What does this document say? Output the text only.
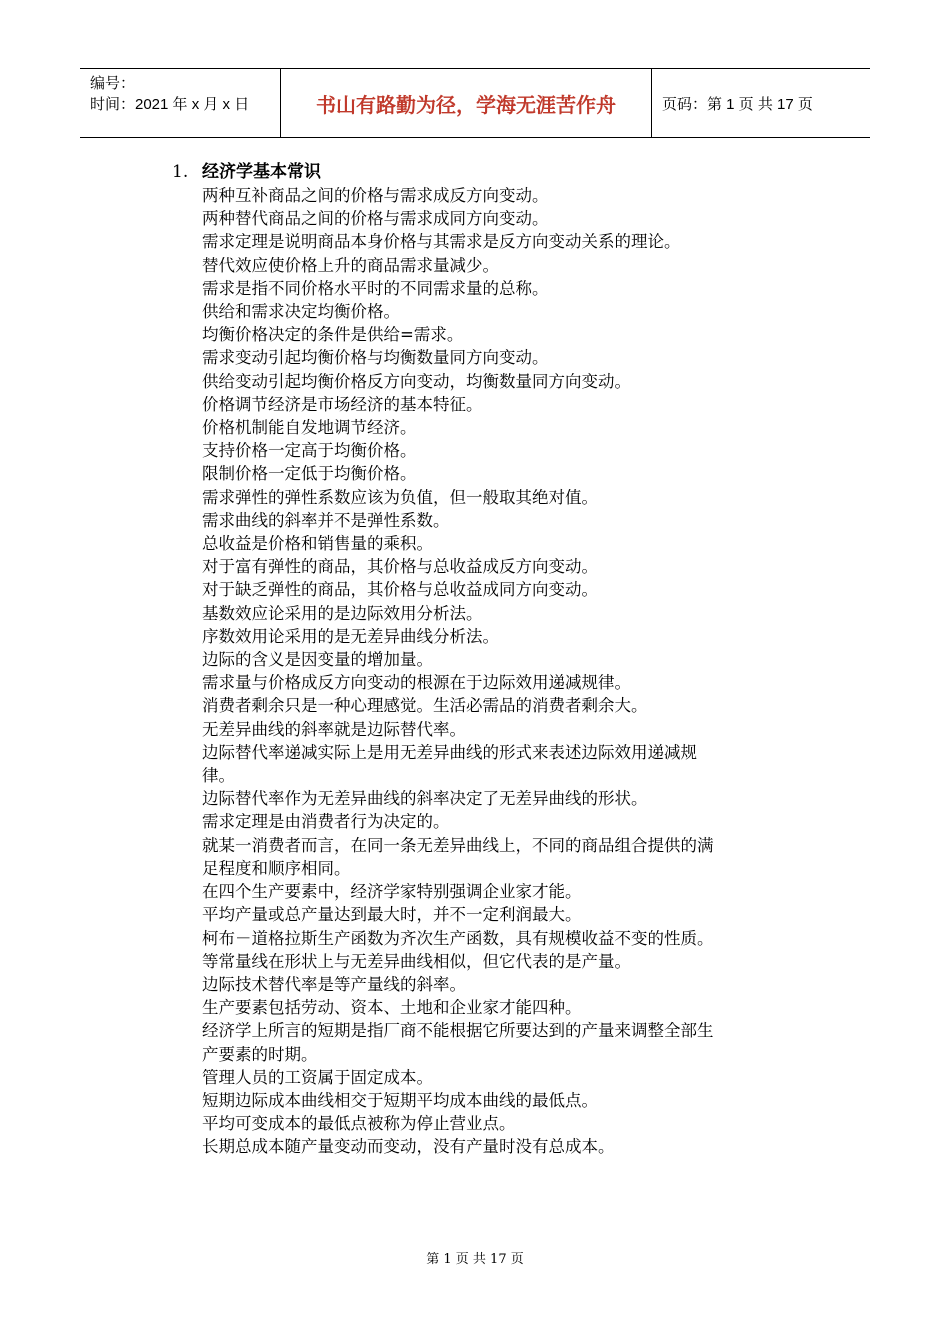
编号：
时间：2021 年 x 月 x 日	书山有路勤为径，学海无涯苦作舟	页码：第 1 页 共 17 页
1. 经济学基本常识
两种互补商品之间的价格与需求成反方向变动。
两种替代商品之间的价格与需求成同方向变动。
需求定理是说明商品本身价格与其需求是反方向变动关系的理论。
替代效应使价格上升的商品需求量减少。
需求是指不同价格水平时的不同需求量的总称。
供给和需求决定均衡价格。
均衡价格决定的条件是供给=需求。
需求变动引起均衡价格与均衡数量同方向变动。
供给变动引起均衡价格反方向变动，均衡数量同方向变动。
价格调节经济是市场经济的基本特征。
价格机制能自发地调节经济。
支持价格一定高于均衡价格。
限制价格一定低于均衡价格。
需求弹性的弹性系数应该为负值，但一般取其绝对值。
需求曲线的斜率并不是弹性系数。
总收益是价格和销售量的乘积。
对于富有弹性的商品，其价格与总收益成反方向变动。
对于缺乏弹性的商品，其价格与总收益成同方向变动。
基数效应论采用的是边际效用分析法。
序数效用论采用的是无差异曲线分析法。
边际的含义是因变量的增加量。
需求量与价格成反方向变动的根源在于边际效用递减规律。
消费者剩余只是一种心理感觉。生活必需品的消费者剩余大。
无差异曲线的斜率就是边际替代率。
边际替代率递减实际上是用无差异曲线的形式来表述边际效用递减规
律。
边际替代率作为无差异曲线的斜率决定了无差异曲线的形状。
需求定理是由消费者行为决定的。
就某一消费者而言，在同一条无差异曲线上，不同的商品组合提供的满
足程度和顺序相同。
在四个生产要素中，经济学家特别强调企业家才能。
平均产量或总产量达到最大时，并不一定利润最大。
柯布－道格拉斯生产函数为齐次生产函数，具有规模收益不变的性质。
等常量线在形状上与无差异曲线相似，但它代表的是产量。
边际技术替代率是等产量线的斜率。
生产要素包括劳动、资本、土地和企业家才能四种。
经济学上所言的短期是指厂商不能根据它所要达到的产量来调整全部生
产要素的时期。
管理人员的工资属于固定成本。
短期边际成本曲线相交于短期平均成本曲线的最低点。
平均可变成本的最低点被称为停止营业点。
长期总成本随产量变动而变动，没有产量时没有总成本。
第 1 页 共 17 页
